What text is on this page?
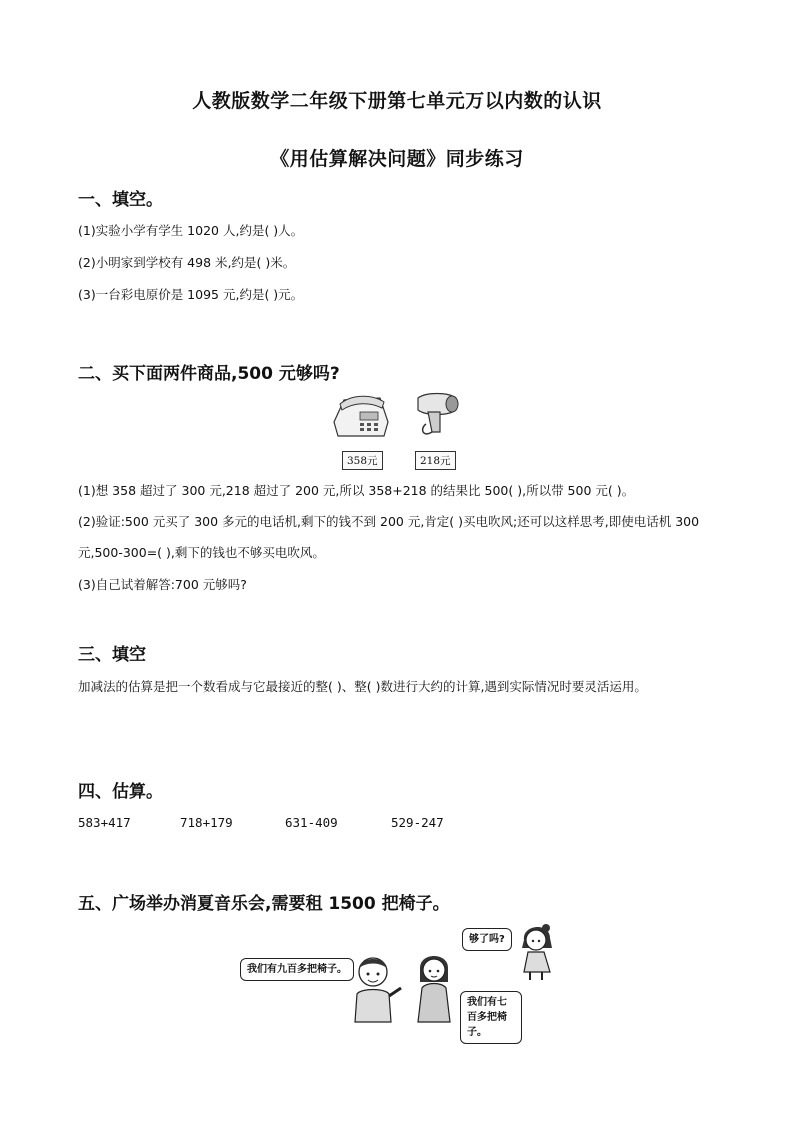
人教版数学二年级下册第七单元万以内数的认识
《用估算解决问题》同步练习
一、填空。
(1)实验小学有学生 1020 人,约是( )人。
(2)小明家到学校有 498 米,约是( )米。
(3)一台彩电原价是 1095 元,约是( )元。
二、买下面两件商品,500 元够吗?
358元	218元
(1)想 358 超过了 300 元,218 超过了 200 元,所以 358+218 的结果比 500( ),所以带 500 元( )。
(2)验证:500 元买了 300 多元的电话机,剩下的钱不到 200 元,肯定( )买电吹风;还可以这样思考,即使电话机 300 元,500-300=( ),剩下的钱也不够买电吹风。
(3)自己试着解答:700 元够吗?
三、填空
加减法的估算是把一个数看成与它最接近的整( )、整( )数进行大约的计算,遇到实际情况时要灵活运用。
四、估算。
583+417	718+179	631-409	529-247
五、广场举办消夏音乐会,需要租 1500 把椅子。
我们有九百多把椅子。
够了吗?
我们有七百多把椅子。
